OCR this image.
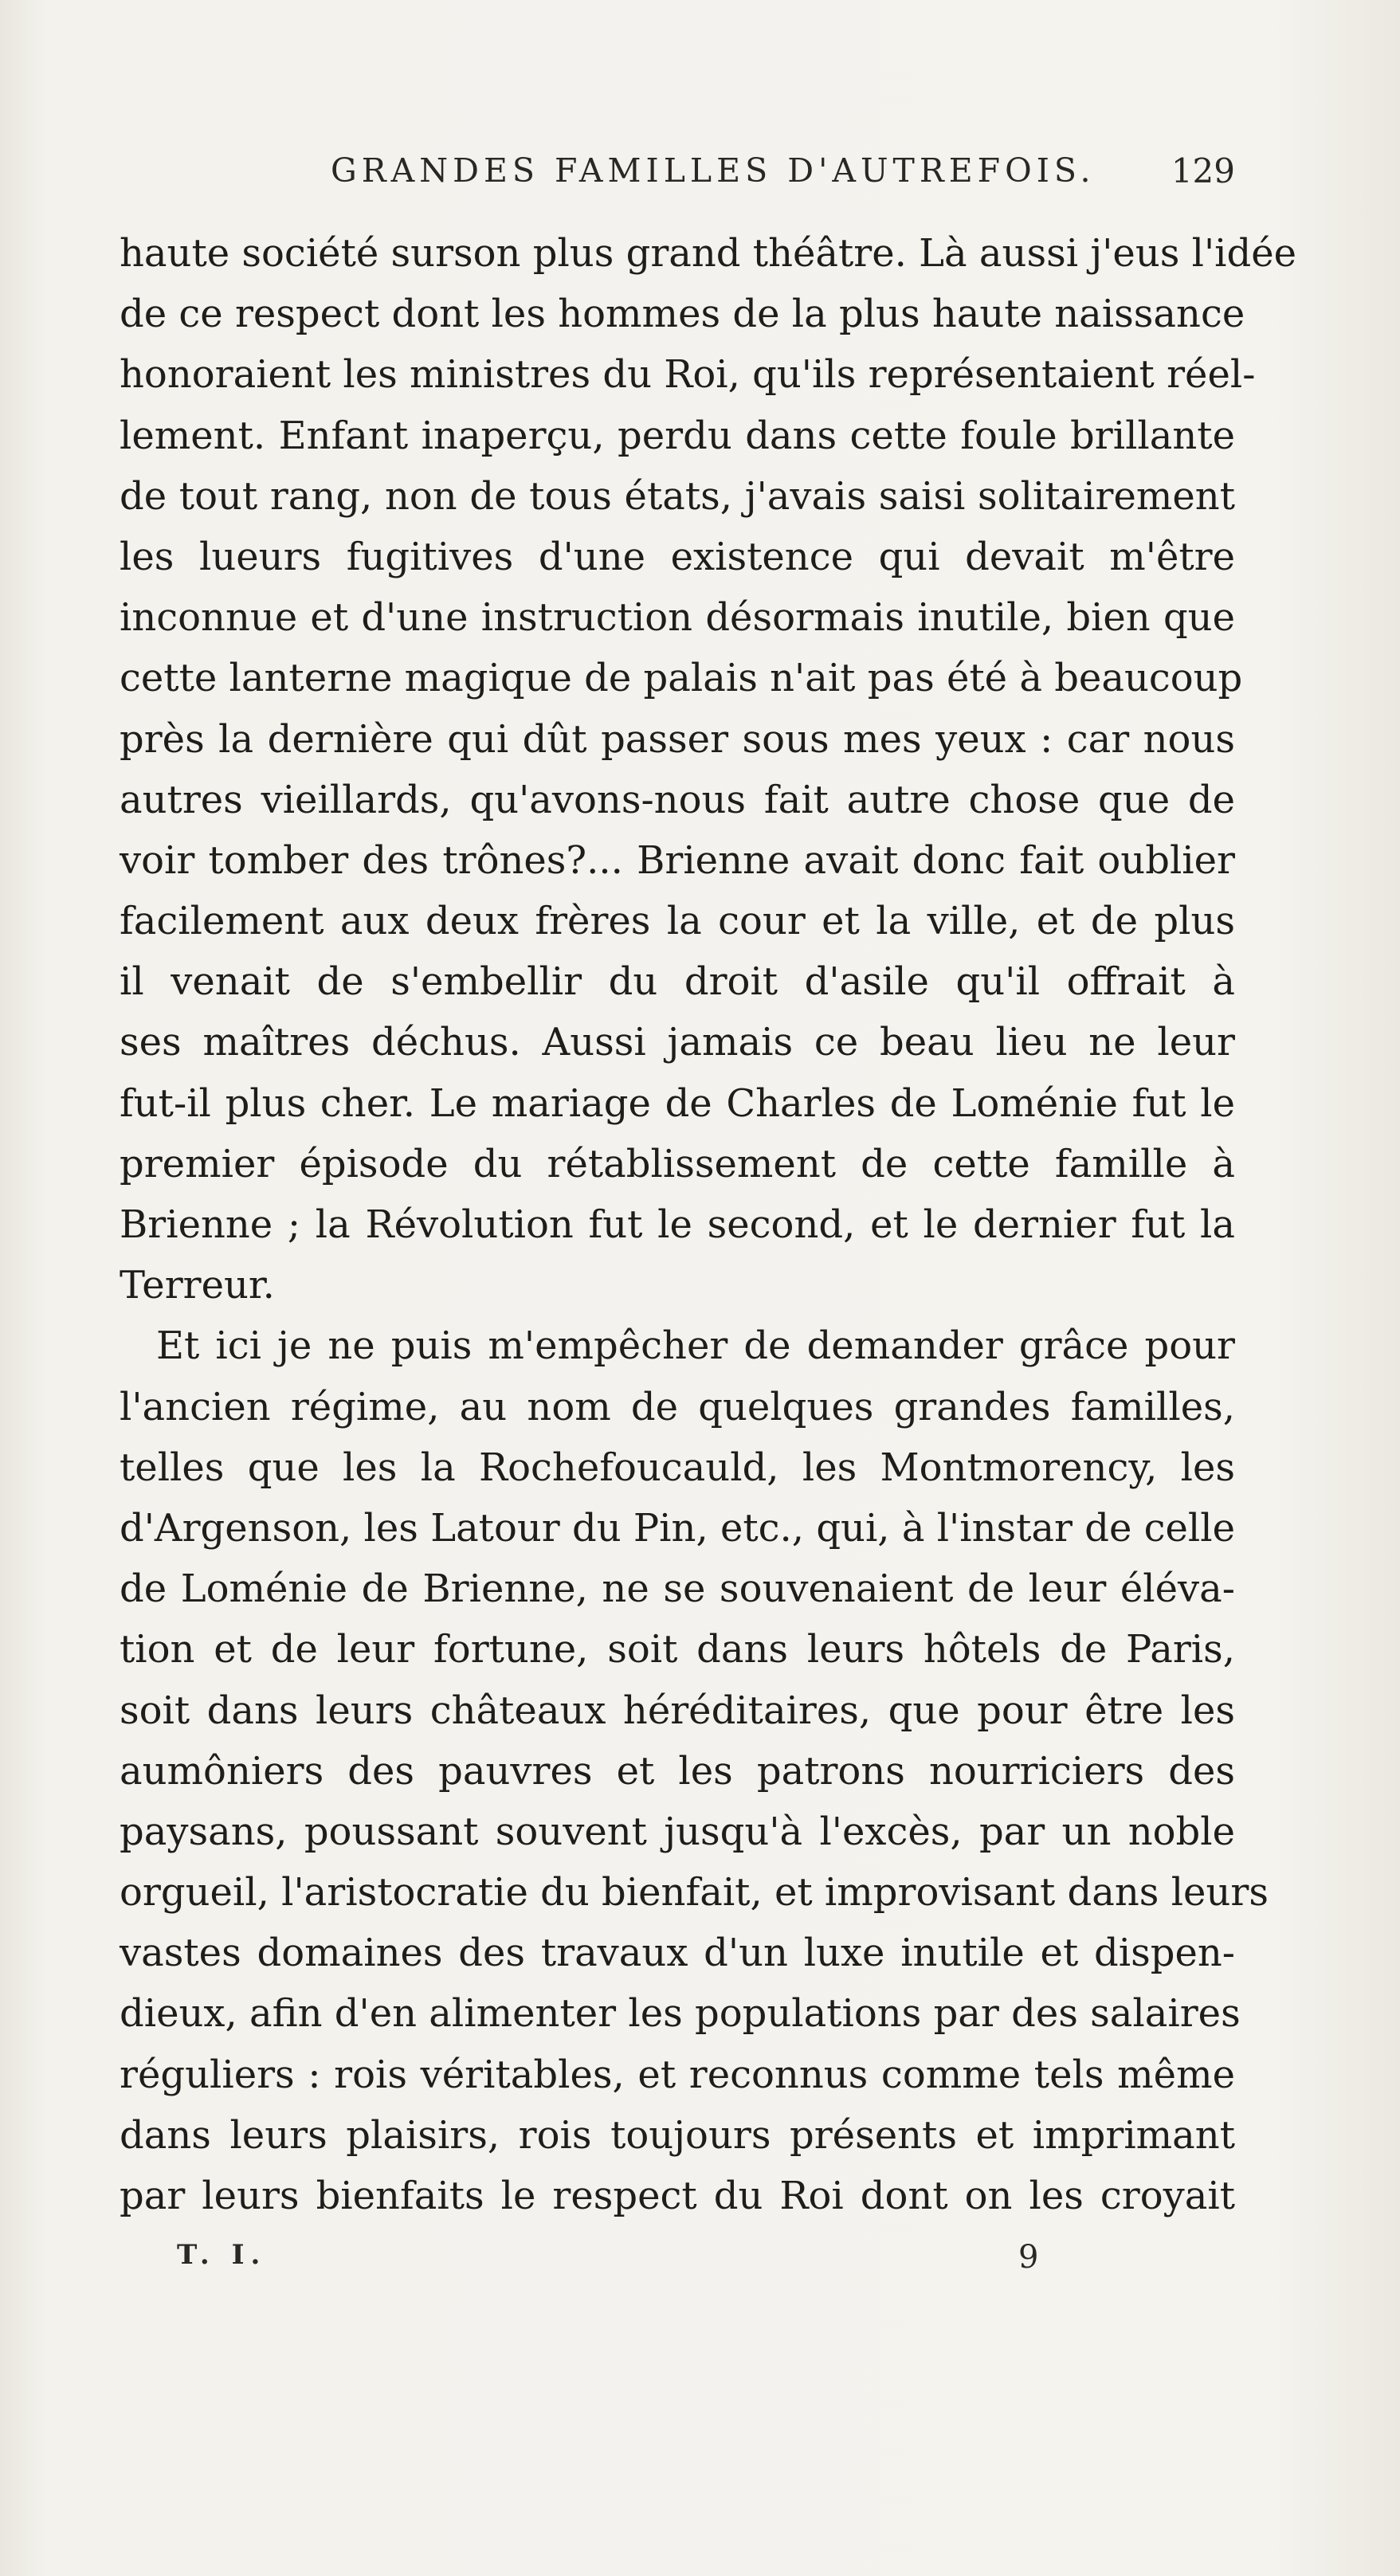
GRANDES FAMILLES D'AUTREFOIS. 129
haute société surson plus grand théâtre. Là aussi j'eus l'idée
de ce respect dont les hommes de la plus haute naissance
honoraient les ministres du Roi, qu'ils représentaient réel-
lement. Enfant inaperçu, perdu dans cette foule brillante
de tout rang, non de tous états, j'avais saisi solitairement
les lueurs fugitives d'une existence qui devait m'être
inconnue et d'une instruction désormais inutile, bien que
cette lanterne magique de palais n'ait pas été à beaucoup
près la dernière qui dût passer sous mes yeux : car nous
autres vieillards, qu'avons-nous fait autre chose que de
voir tomber des trônes?... Brienne avait donc fait oublier
facilement aux deux frères la cour et la ville, et de plus
il venait de s'embellir du droit d'asile qu'il offrait à
ses maîtres déchus. Aussi jamais ce beau lieu ne leur
fut-il plus cher. Le mariage de Charles de Loménie fut le
premier épisode du rétablissement de cette famille à
Brienne ; la Révolution fut le second, et le dernier fut la
Terreur.
Et ici je ne puis m'empêcher de demander grâce pour
l'ancien régime, au nom de quelques grandes familles,
telles que les la Rochefoucauld, les Montmorency, les
d'Argenson, les Latour du Pin, etc., qui, à l'instar de celle
de Loménie de Brienne, ne se souvenaient de leur éléva-
tion et de leur fortune, soit dans leurs hôtels de Paris,
soit dans leurs châteaux héréditaires, que pour être les
aumôniers des pauvres et les patrons nourriciers des
paysans, poussant souvent jusqu'à l'excès, par un noble
orgueil, l'aristocratie du bienfait, et improvisant dans leurs
vastes domaines des travaux d'un luxe inutile et dispen-
dieux, afin d'en alimenter les populations par des salaires
réguliers : rois véritables, et reconnus comme tels même
dans leurs plaisirs, rois toujours présents et imprimant
par leurs bienfaits le respect du Roi dont on les croyait
T. I.	9
